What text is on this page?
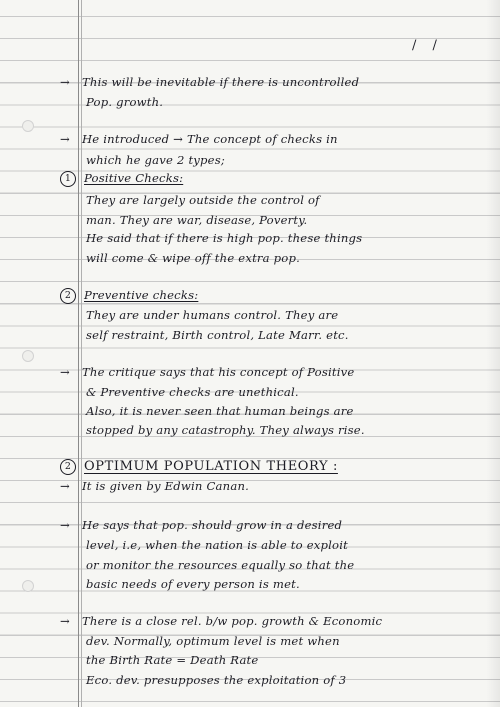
/ /
→ This will be inevitable if there is uncontrolled
Pop. growth.
→ He introduced → The concept of checks in
which he gave 2 types;
1 Positive Checks:
They are largely outside the control of
man. They are war, disease, Poverty.
He said that if there is high pop. these things
will come & wipe off the extra pop.
2 Preventive checks:
They are under humans control. They are
self restraint, Birth control, Late Marr. etc.
→ The critique says that his concept of Positive
& Preventive checks are unethical.
Also, it is never seen that human beings are
stopped by any catastrophy. They always rise.
2 OPTIMUM POPULATION THEORY :
→ It is given by Edwin Canan.
→ He says that pop. should grow in a desired
level, i.e, when the nation is able to exploit
or monitor the resources equally so that the
basic needs of every person is met.
→ There is a close rel. b/w pop. growth & Economic
dev. Normally, optimum level is met when
the Birth Rate = Death Rate
Eco. dev. presupposes the exploitation of 3
